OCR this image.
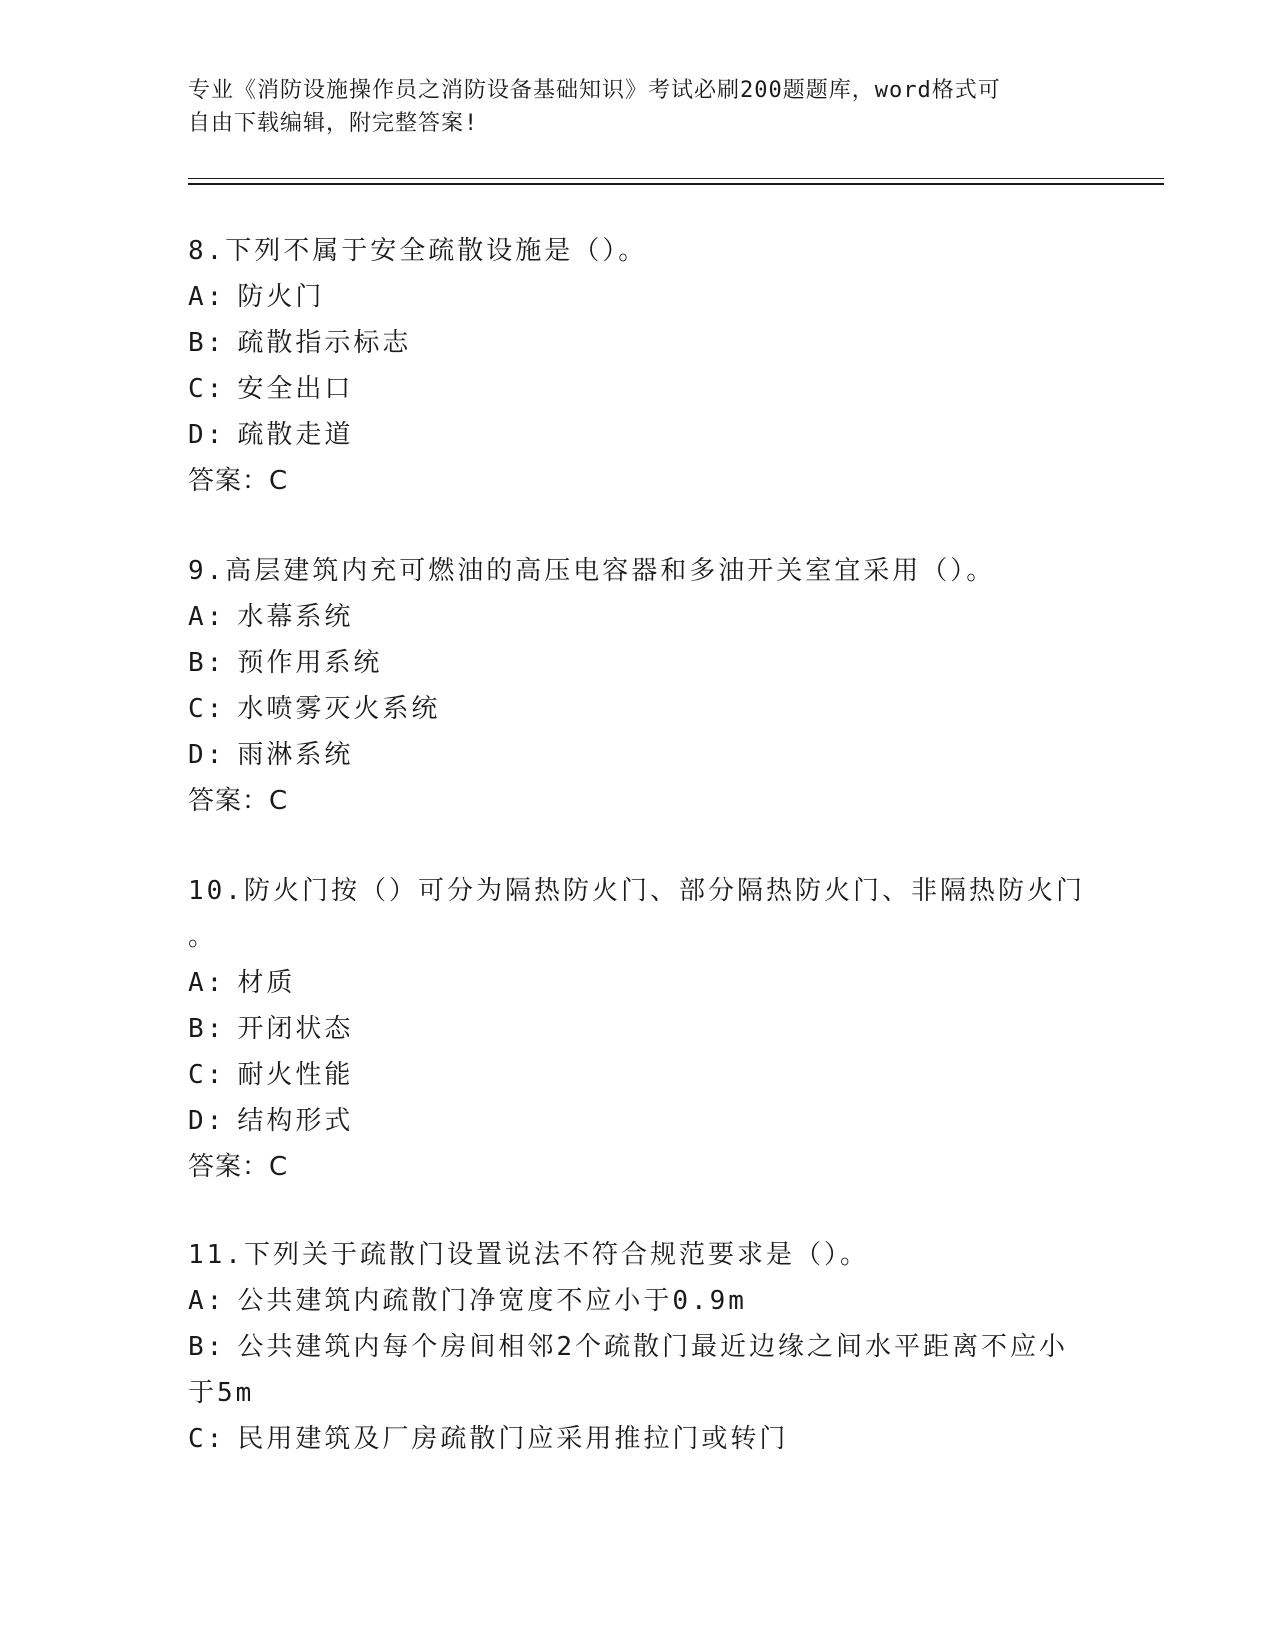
专业《消防设施操作员之消防设备基础知识》考试必刷200题题库，word格式可
自由下载编辑，附完整答案!
8.下列不属于安全疏散设施是（）。
A: 防火门
B: 疏散指示标志
C: 安全出口
D: 疏散走道
答案：C
9.高层建筑内充可燃油的高压电容器和多油开关室宜采用（）。
A: 水幕系统
B: 预作用系统
C: 水喷雾灭火系统
D: 雨淋系统
答案：C
10.防火门按（）可分为隔热防火门、部分隔热防火门、非隔热防火门
。
A: 材质
B: 开闭状态
C: 耐火性能
D: 结构形式
答案：C
11.下列关于疏散门设置说法不符合规范要求是（）。
A: 公共建筑内疏散门净宽度不应小于0.9m
B: 公共建筑内每个房间相邻2个疏散门最近边缘之间水平距离不应小
于5m
C: 民用建筑及厂房疏散门应采用推拉门或转门
